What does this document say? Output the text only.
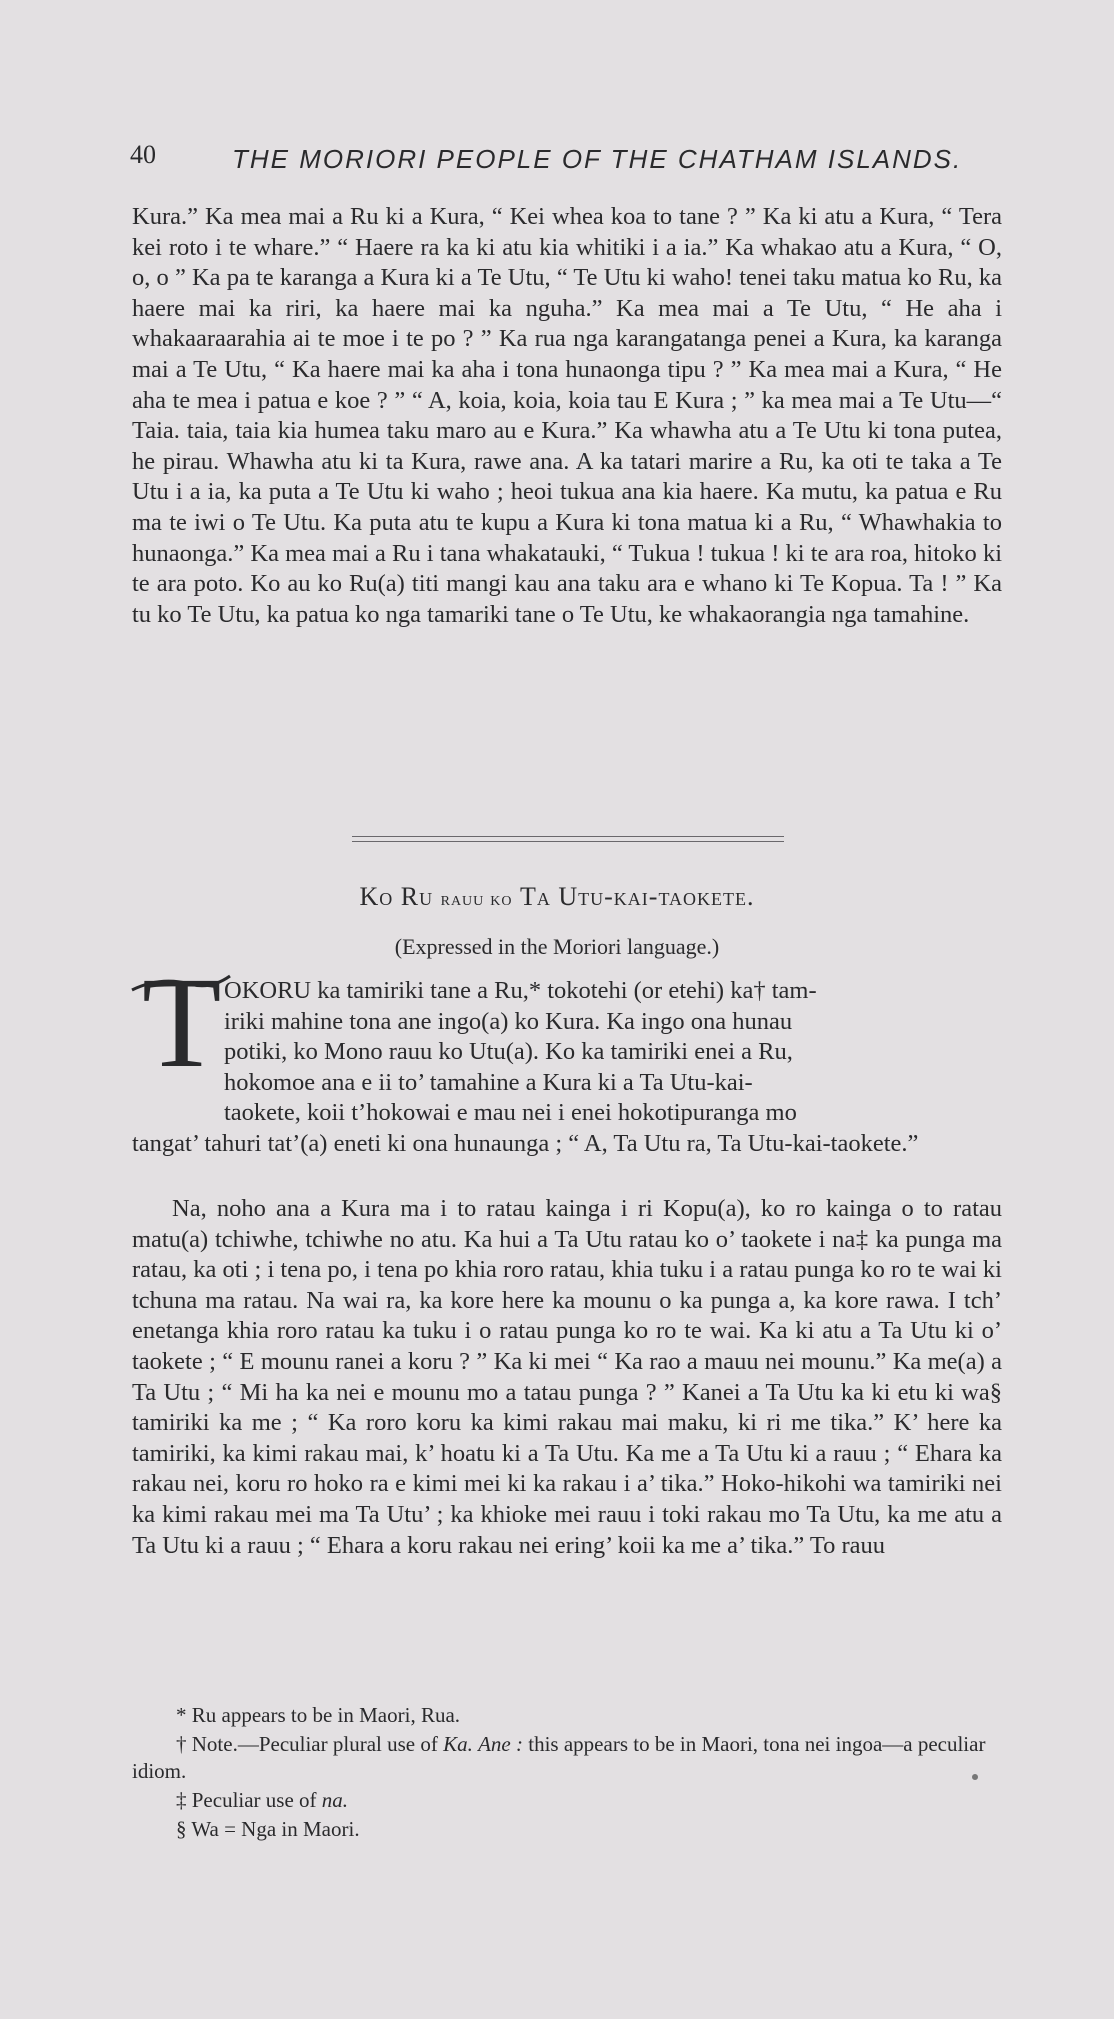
40	THE MORIORI PEOPLE OF THE CHATHAM ISLANDS.

Kura.” Ka mea mai a Ru ki a Kura, “ Kei whea koa to tane ? ” Ka ki atu a Kura, “ Tera kei roto i te whare.” “ Haere ra ka ki atu kia whitiki i a ia.” Ka whakao atu a Kura, “ O, o, o ” Ka pa te karanga a Kura ki a Te Utu, “ Te Utu ki waho! tenei taku matua ko Ru, ka haere mai ka riri, ka haere mai ka nguha.” Ka mea mai a Te Utu, “ He aha i whakaaraarahia ai te moe i te po ? ” Ka rua nga karangatanga penei a Kura, ka karanga mai a Te Utu, “ Ka haere mai ka aha i tona hunaonga tipu ? ” Ka mea mai a Kura, “ He aha te mea i patua e koe ? ” “ A, koia, koia, koia tau E Kura ; ” ka mea mai a Te Utu—“ Taia. taia, taia kia humea taku maro au e Kura.” Ka whawha atu a Te Utu ki tona putea, he pirau. Whawha atu ki ta Kura, rawe ana. A ka tatari marire a Ru, ka oti te taka a Te Utu i a ia, ka puta a Te Utu ki waho ; heoi tukua ana kia haere. Ka mutu, ka patua e Ru ma te iwi o Te Utu. Ka puta atu te kupu a Kura ki tona matua ki a Ru, “ Whawhakia to hunaonga.” Ka mea mai a Ru i tana whakatauki, “ Tukua ! tukua ! ki te ara roa, hitoko ki te ara poto. Ko au ko Ru(a) titi mangi kau ana taku ara e whano ki Te Kopua. Ta ! ” Ka tu ko Te Utu, ka patua ko nga tamariki tane o Te Utu, ke whakaorangia nga tamahine.

Ko Ru rauu ko Ta Utu-kai-taokete.
(Expressed in the Moriori language.)
T OKORU ka tamiriki tane a Ru,* tokotehi (or etehi) ka† tam-

iriki mahine tona ane ingo(a) ko Kura. Ka ingo ona hunau

potiki, ko Mono rauu ko Utu(a). Ko ka tamiriki enei a Ru,

hokomoe ana e ii to’ tamahine a Kura ki a Ta Utu-kai-

taokete, koii t’hokowai e mau nei i enei hokotipuranga mo

tangat’ tahuri tat’(a) eneti ki ona hunaunga ; “ A, Ta Utu ra, Ta Utu-kai-taokete.”

Na, noho ana a Kura ma i to ratau kainga i ri Kopu(a), ko ro kainga o to ratau matu(a) tchiwhe, tchiwhe no atu. Ka hui a Ta Utu ratau ko o’ taokete i na‡ ka punga ma ratau, ka oti ; i tena po, i tena po khia roro ratau, khia tuku i a ratau punga ko ro te wai ki tchuna ma ratau. Na wai ra, ka kore here ka mounu o ka punga a, ka kore rawa. I tch’ enetanga khia roro ratau ka tuku i o ratau punga ko ro te wai. Ka ki atu a Ta Utu ki o’ taokete ; “ E mounu ranei a koru ? ” Ka ki mei “ Ka rao a mauu nei mounu.” Ka me(a) a Ta Utu ; “ Mi ha ka nei e mounu mo a tatau punga ? ” Kanei a Ta Utu ka ki etu ki wa§ tamiriki ka me ; “ Ka roro koru ka kimi rakau mai maku, ki ri me tika.” K’ here ka tamiriki, ka kimi rakau mai, k’ hoatu ki a Ta Utu. Ka me a Ta Utu ki a rauu ; “ Ehara ka rakau nei, koru ro hoko ra e kimi mei ki ka rakau i a’ tika.” Hoko-hikohi wa tamiriki nei ka kimi rakau mei ma Ta Utu’ ; ka khioke mei rauu i toki rakau mo Ta Utu, ka me atu a Ta Utu ki a rauu ; “ Ehara a koru rakau nei ering’ koii ka me a’ tika.” To rauu

* Ru appears to be in Maori, Rua.

† Note.—Peculiar plural use of Ka. Ane : this appears to be in Maori, tona nei ingoa—a peculiar idiom.

‡ Peculiar use of na.

§ Wa = Nga in Maori.
